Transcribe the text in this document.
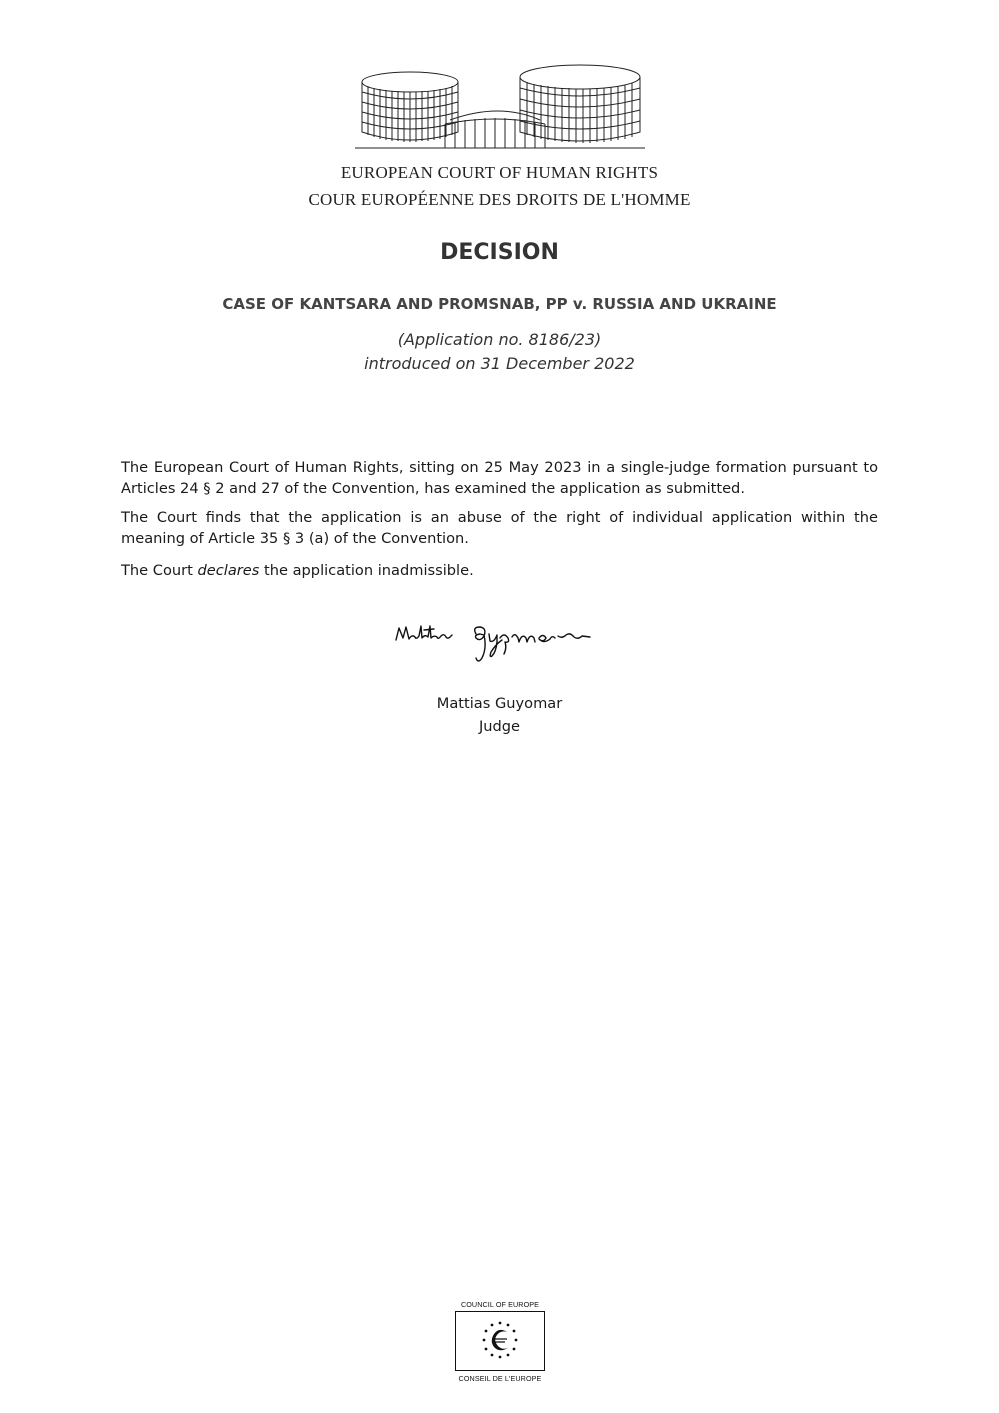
EUROPEAN COURT OF HUMAN RIGHTS
COUR EUROPÉENNE DES DROITS DE L'HOMME
DECISION
CASE OF KANTSARA AND PROMSNAB, PP v. RUSSIA AND UKRAINE
(Application no. 8186/23)
introduced on 31 December 2022
The European Court of Human Rights, sitting on 25 May 2023 in a single-judge formation pursuant to Articles 24 § 2 and 27 of the Convention, has examined the application as submitted.
The Court finds that the application is an abuse of the right of individual application within the meaning of Article 35 § 3 (a) of the Convention.
The Court declares the application inadmissible.
Mattias Guyomar
Judge
COUNCIL OF EUROPE
CONSEIL DE L'EUROPE
